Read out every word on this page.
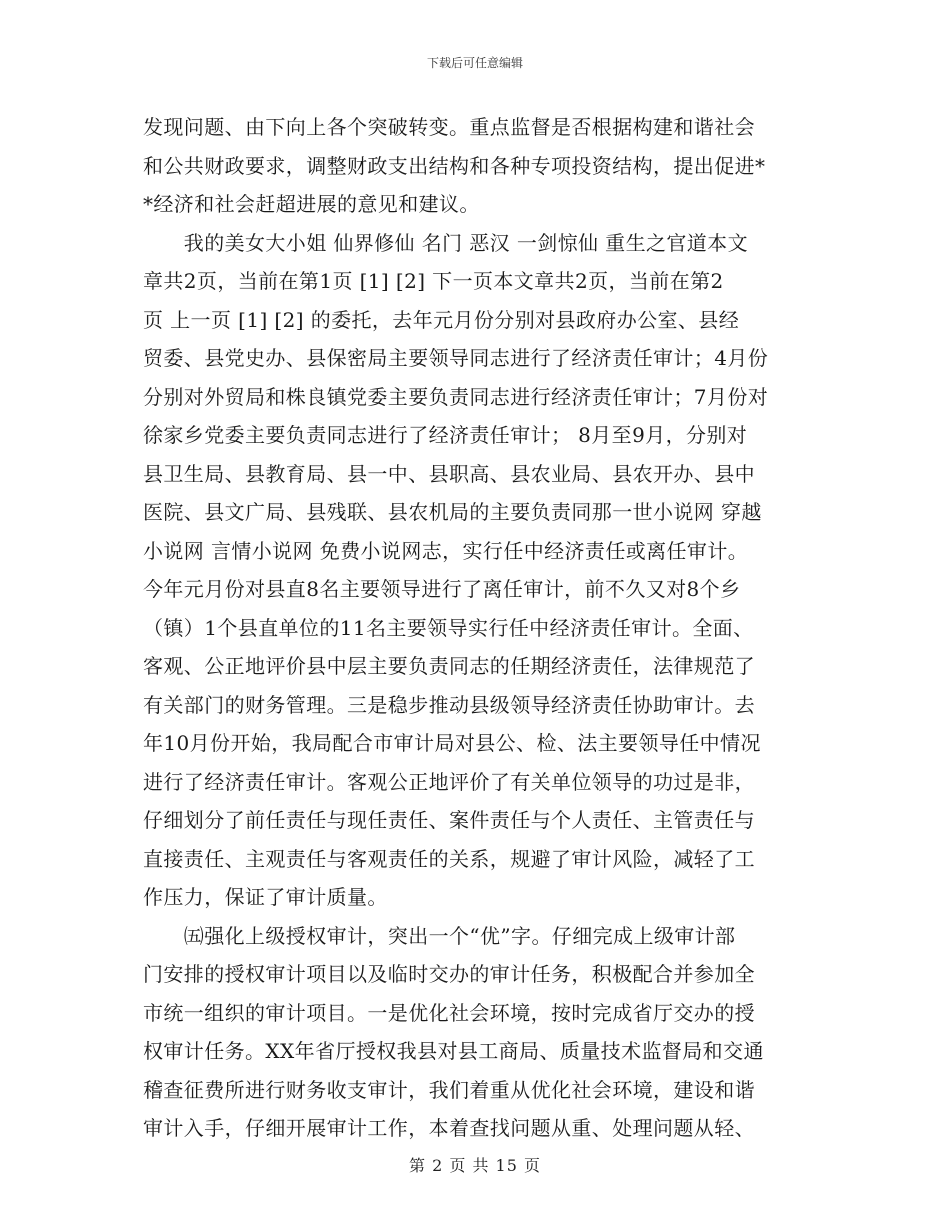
下载后可任意编辑
发现问题、由下向上各个突破转变。重点监督是否根据构建和谐社会
和公共财政要求，调整财政支出结构和各种专项投资结构，提出促进*
*经济和社会赶超进展的意见和建议。
　　我的美女大小姐 仙界修仙 名门 恶汉 一剑惊仙 重生之官道本文
章共2页，当前在第1页 [1] [2] 下一页本文章共2页，当前在第2
页 上一页 [1] [2] 的委托，去年元月份分别对县政府办公室、县经
贸委、县党史办、县保密局主要领导同志进行了经济责任审计；4月份
分别对外贸局和株良镇党委主要负责同志进行经济责任审计；7月份对
徐家乡党委主要负责同志进行了经济责任审计； 8月至9月，分别对
县卫生局、县教育局、县一中、县职高、县农业局、县农开办、县中
医院、县文广局、县残联、县农机局的主要负责同那一世小说网 穿越
小说网 言情小说网 免费小说网志，实行任中经济责任或离任审计。
今年元月份对县直8名主要领导进行了离任审计，前不久又对8个乡
（镇）1个县直单位的11名主要领导实行任中经济责任审计。全面、
客观、公正地评价县中层主要负责同志的任期经济责任，法律规范了
有关部门的财务管理。三是稳步推动县级领导经济责任协助审计。去
年10月份开始，我局配合市审计局对县公、检、法主要领导任中情况
进行了经济责任审计。客观公正地评价了有关单位领导的功过是非，
仔细划分了前任责任与现任责任、案件责任与个人责任、主管责任与
直接责任、主观责任与客观责任的关系，规避了审计风险，减轻了工
作压力，保证了审计质量。
　　㈤强化上级授权审计，突出一个“优”字。仔细完成上级审计部
门安排的授权审计项目以及临时交办的审计任务，积极配合并参加全
市统一组织的审计项目。一是优化社会环境，按时完成省厅交办的授
权审计任务。XX年省厅授权我县对县工商局、质量技术监督局和交通
稽查征费所进行财务收支审计，我们着重从优化社会环境，建设和谐
审计入手，仔细开展审计工作，本着查找问题从重、处理问题从轻、
第 2 页 共 15 页
